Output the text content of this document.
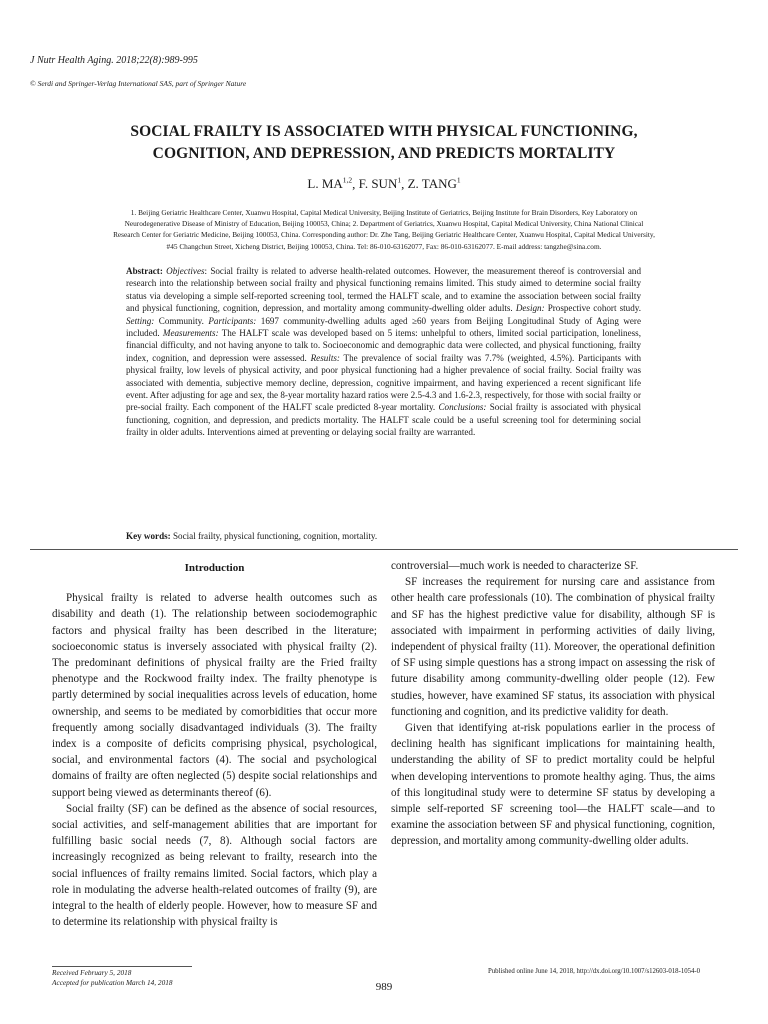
J Nutr Health Aging. 2018;22(8):989-995
© Serdi and Springer-Verlag International SAS, part of Springer Nature
SOCIAL FRAILTY IS ASSOCIATED WITH PHYSICAL FUNCTIONING,
COGNITION, AND DEPRESSION, AND PREDICTS MORTALITY
L. MA$^{1,2}$, F. SUN$^1$, Z. TANG$^1$
1. Beijing Geriatric Healthcare Center, Xuanwu Hospital, Capital Medical University, Beijing Institute of Geriatrics, Beijing Institute for Brain Disorders, Key Laboratory on
Neurodegenerative Disease of Ministry of Education, Beijing 100053, China; 2. Department of Geriatrics, Xuanwu Hospital, Capital Medical University, China National Clinical
Research Center for Geriatric Medicine, Beijing 100053, China. Corresponding author: Dr. Zhe Tang, Beijing Geriatric Healthcare Center, Xuanwu Hospital, Capital Medical University,
#45 Changchun Street, Xicheng District, Beijing 100053, China. Tel: 86-010-63162077, Fax: 86-010-63162077. E-mail address: tangzhe@sina.com.
Abstract: Objectives: Social frailty is related to adverse health-related outcomes. However, the measurement thereof is controversial and research into the relationship between social frailty and physical functioning remains limited. This study aimed to determine social frailty status via developing a simple self-reported screening tool, termed the HALFT scale, and to examine the association between social frailty and physical functioning, cognition, depression, and mortality among community-dwelling older adults. Design: Prospective cohort study. Setting: Community. Participants: 1697 community-dwelling adults aged ≥60 years from Beijing Longitudinal Study of Aging were included. Measurements: The HALFT scale was developed based on 5 items: unhelpful to others, limited social participation, loneliness, financial difficulty, and not having anyone to talk to. Socioeconomic and demographic data were collected, and physical functioning, frailty index, cognition, and depression were assessed. Results: The prevalence of social frailty was 7.7% (weighted, 4.5%). Participants with physical frailty, low levels of physical activity, and poor physical functioning had a higher prevalence of social frailty. Social frailty was associated with dementia, subjective memory decline, depression, cognitive impairment, and having experienced a recent significant life event. After adjusting for age and sex, the 8-year mortality hazard ratios were 2.5-4.3 and 1.6-2.3, respectively, for those with social frailty or pre-social frailty. Each component of the HALFT scale predicted 8-year mortality. Conclusions: Social frailty is associated with physical functioning, cognition, and depression, and predicts mortality. The HALFT scale could be a useful screening tool for determining social frailty in older adults. Interventions aimed at preventing or delaying social frailty are warranted.
Key words: Social frailty, physical functioning, cognition, mortality.
Introduction

Physical frailty is related to adverse health outcomes such as disability and death (1). The relationship between sociodemographic factors and physical frailty has been described in the literature; socioeconomic status is inversely associated with physical frailty (2). The predominant definitions of physical frailty are the Fried frailty phenotype and the Rockwood frailty index. The frailty phenotype is partly determined by social inequalities across levels of education, home ownership, and seems to be mediated by comorbidities that occur more frequently among socially disadvantaged individuals (3). The frailty index is a composite of deficits comprising physical, psychological, social, and environmental factors (4). The social and psychological domains of frailty are often neglected (5) despite social relationships and support being viewed as determinants thereof (6).

Social frailty (SF) can be defined as the absence of social resources, social activities, and self-management abilities that are important for fulfilling basic social needs (7, 8). Although social factors are increasingly recognized as being relevant to frailty, research into the social influences of frailty remains limited. Social factors, which play a role in modulating the adverse health-related outcomes of frailty (9), are integral to the health of elderly people. However, how to measure SF and to determine its relationship with physical frailty is

controversial—much work is needed to characterize SF.

SF increases the requirement for nursing care and assistance from other health care professionals (10). The combination of physical frailty and SF has the highest predictive value for disability, although SF is associated with impairment in performing activities of daily living, independent of physical frailty (11). Moreover, the operational definition of SF using simple questions has a strong impact on assessing the risk of future disability among community-dwelling older people (12). Few studies, however, have examined SF status, its association with physical functioning and cognition, and its predictive validity for death.

Given that identifying at-risk populations earlier in the process of declining health has significant implications for maintaining health, understanding the ability of SF to predict mortality could be helpful when developing interventions to promote healthy aging. Thus, the aims of this longitudinal study were to determine SF status by developing a simple self-reported SF screening tool—the HALFT scale—and to examine the association between SF and physical functioning, cognition, depression, and mortality among community-dwelling older adults.

Received February 5, 2018
Accepted for publication March 14, 2018
Published online June 14, 2018, http://dx.doi.org/10.1007/s12603-018-1054-0
989
